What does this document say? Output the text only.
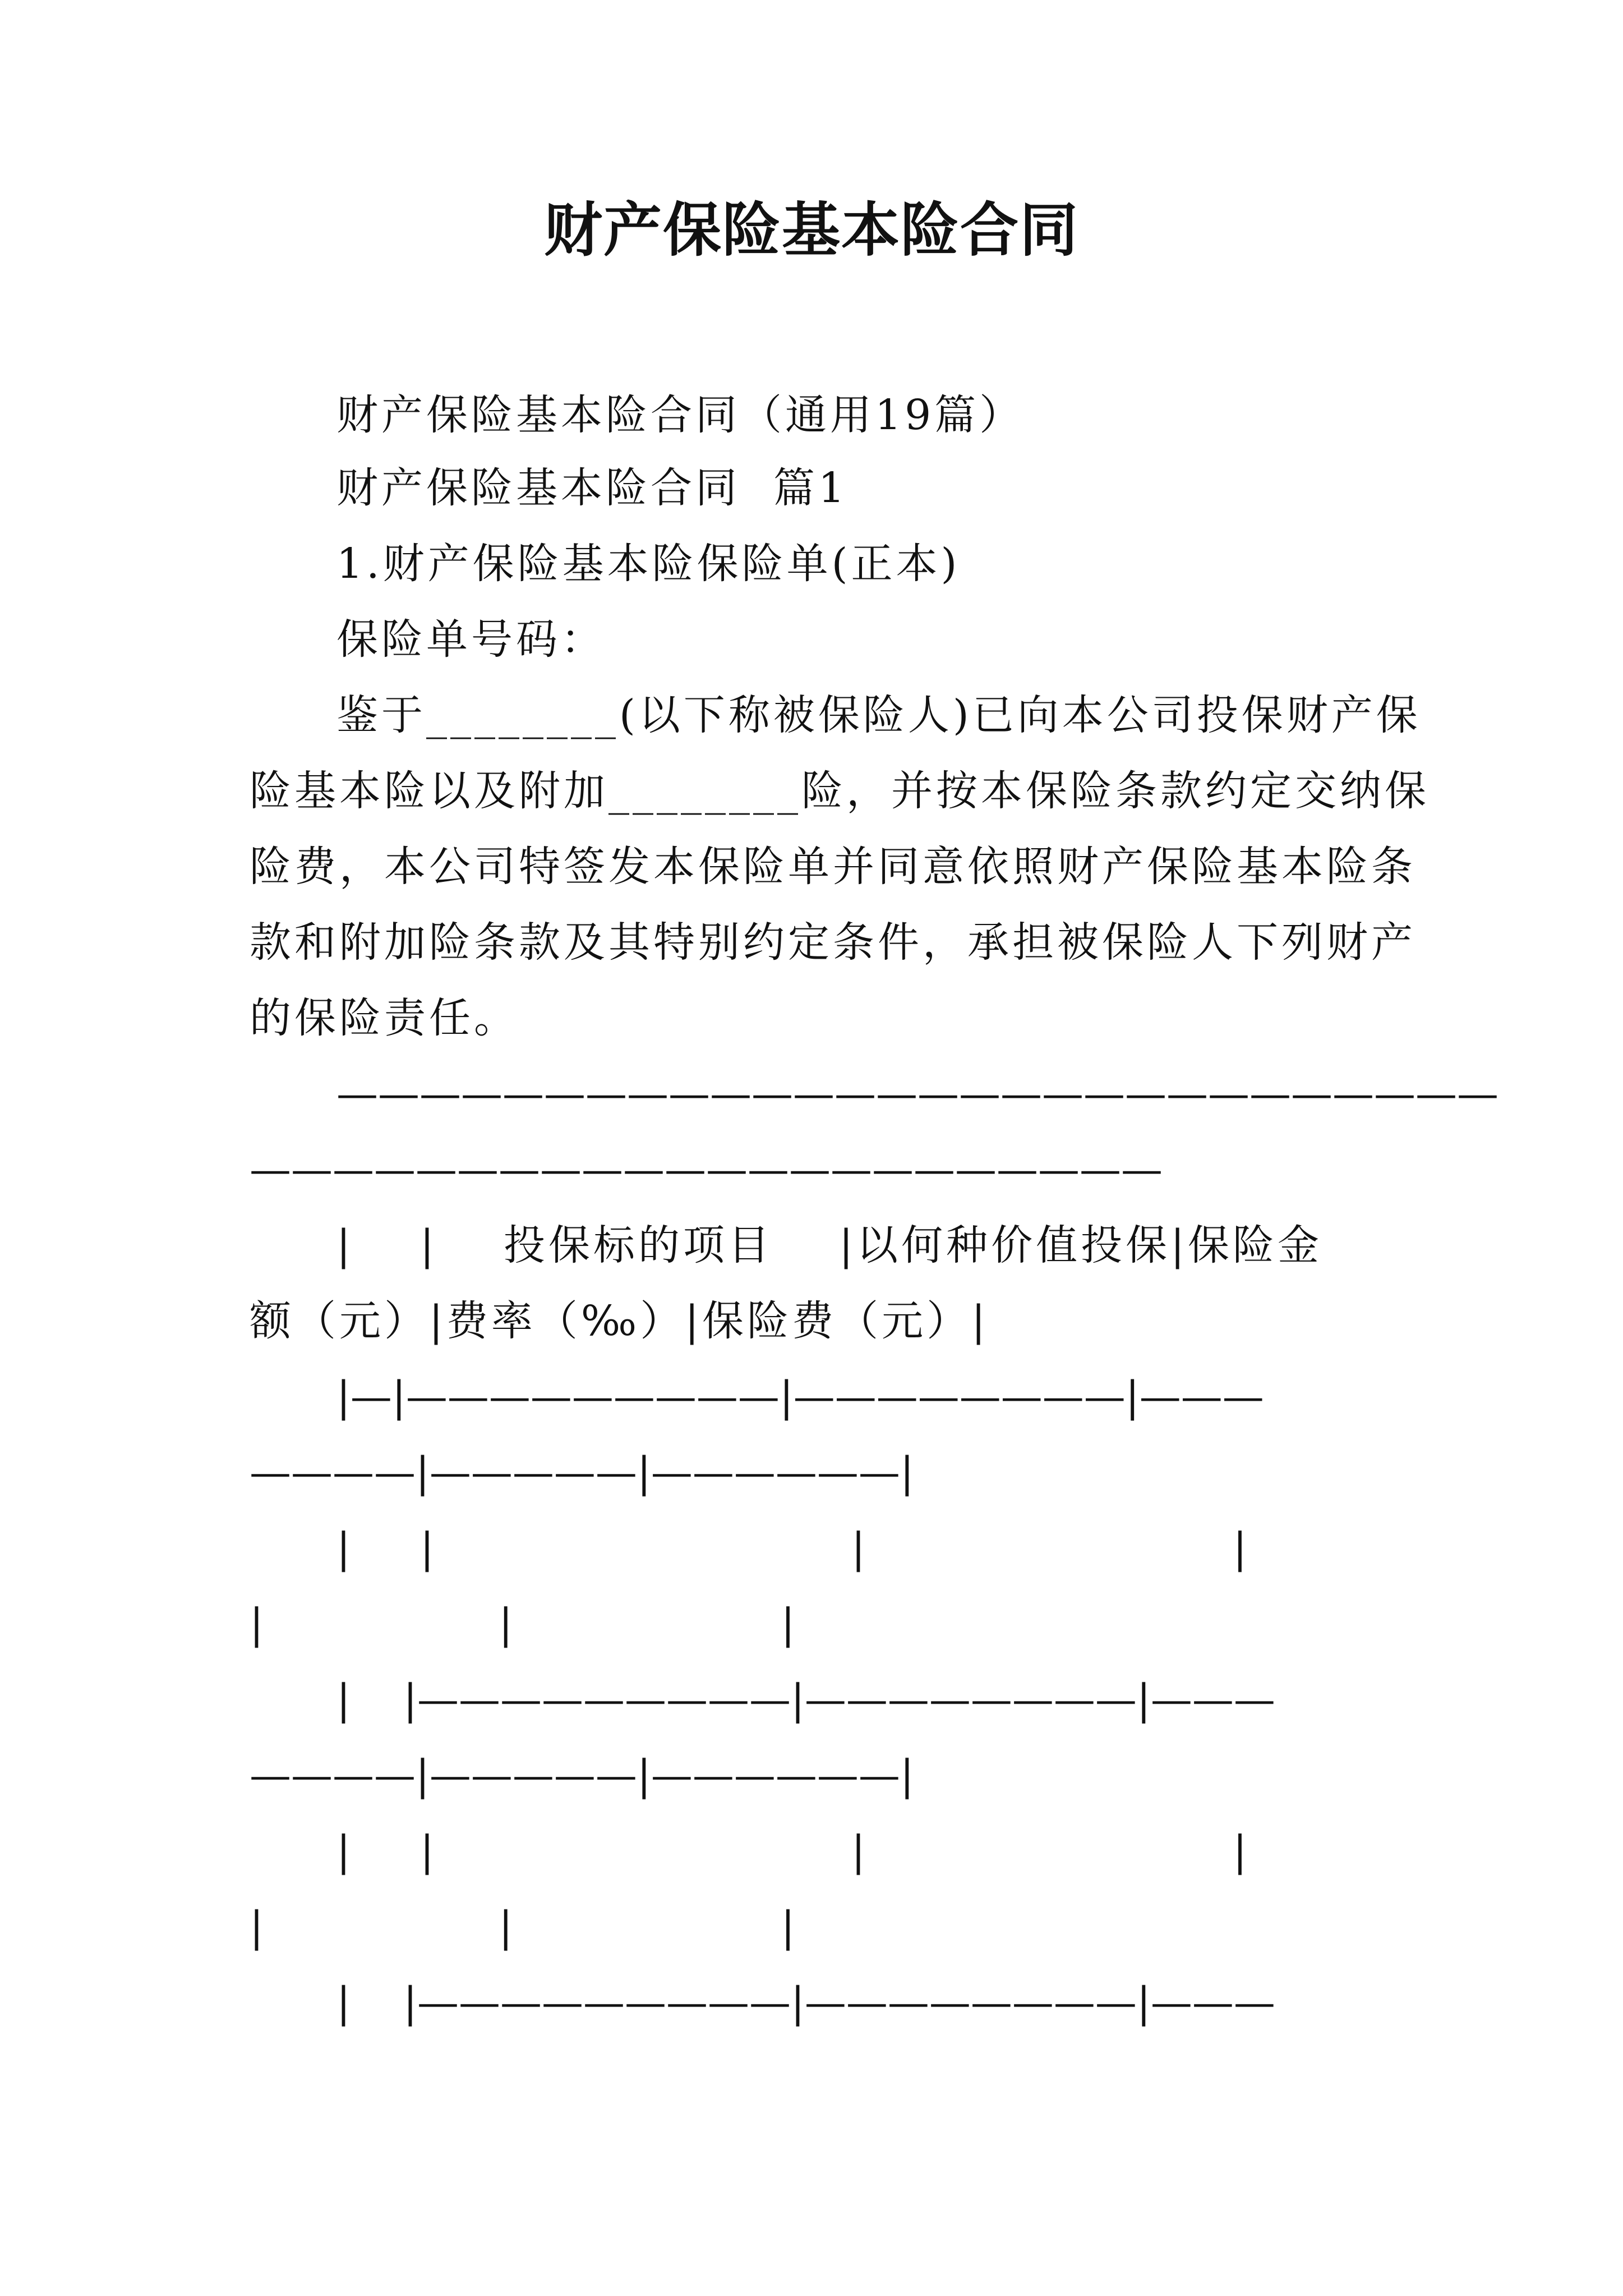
财产保险基本险合同
财产保险基本险合同（通用19篇）
财产保险基本险合同  篇1
1.财产保险基本险保险单(正本)
保险单号码：
鉴于________(以下称被保险人)已向本公司投保财产保
险基本险以及附加________险，并按本保险条款约定交纳保
险费，本公司特签发本保险单并同意依照财产保险基本险条
款和附加险条款及其特别约定条件，承担被保险人下列财产
的保险责任。
————————————————————————————
——————————————————————
|    |    投保标的项目    |以何种价值投保|保险金
额（元）|费率（‰）|保险费（元）|
|—|—————————|————————|———
————|—————|——————|
|    |                         |                      |
|              |                |
|    |—————————|————————|———
————|—————|——————|
|    |                         |                      |
|              |                |
|    |—————————|————————|———
